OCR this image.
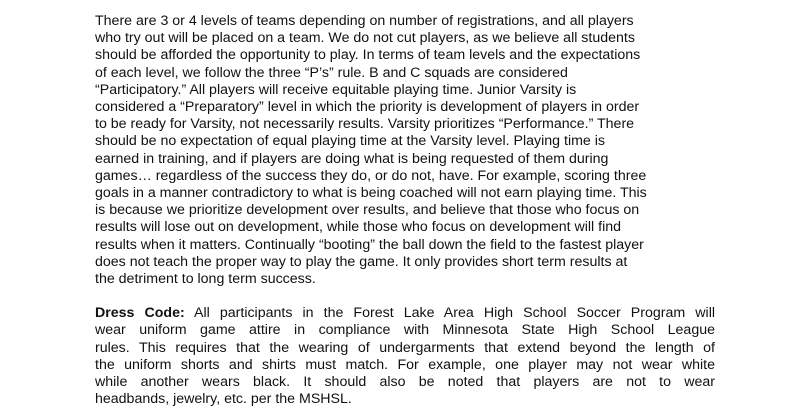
There are 3 or 4 levels of teams depending on number of registrations, and all players
who try out will be placed on a team. We do not cut players, as we believe all students
should be afforded the opportunity to play. In terms of team levels and the expectations
of each level, we follow the three “P’s” rule. B and C squads are considered
“Participatory.” All players will receive equitable playing time. Junior Varsity is
considered a “Preparatory” level in which the priority is development of players in order
to be ready for Varsity, not necessarily results. Varsity prioritizes “Performance.” There
should be no expectation of equal playing time at the Varsity level. Playing time is
earned in training, and if players are doing what is being requested of them during
games… regardless of the success they do, or do not, have. For example, scoring three
goals in a manner contradictory to what is being coached will not earn playing time. This
is because we prioritize development over results, and believe that those who focus on
results will lose out on development, while those who focus on development will find
results when it matters. Continually “booting” the ball down the field to the fastest player
does not teach the proper way to play the game. It only provides short term results at
the detriment to long term success.

Dress Code: All participants in the Forest Lake Area High School Soccer Program will
wear uniform game attire in compliance with Minnesota State High School League
rules. This requires that the wearing of undergarments that extend beyond the length of
the uniform shorts and shirts must match. For example, one player may not wear white
while another wears black. It should also be noted that players are not to wear
headbands, jewelry, etc. per the MSHSL.
